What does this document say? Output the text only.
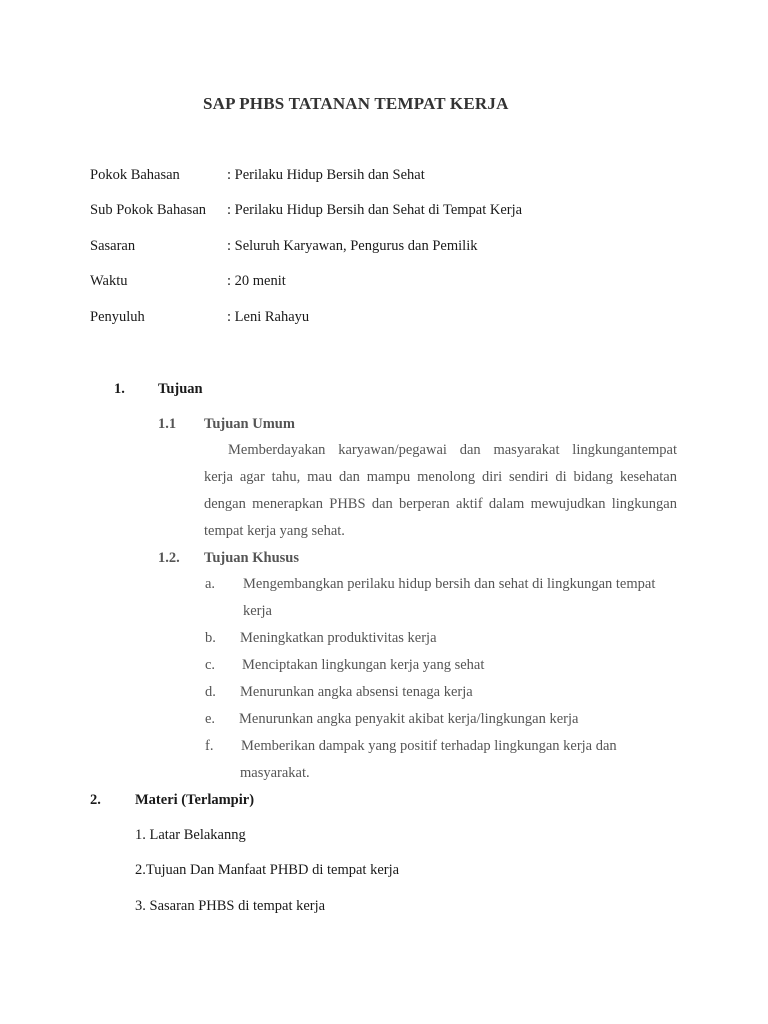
SAP PHBS TATANAN TEMPAT KERJA
Pokok Bahasan	: Perilaku Hidup Bersih dan Sehat
Sub Pokok Bahasan : Perilaku Hidup Bersih dan Sehat di Tempat Kerja
Sasaran	: Seluruh Karyawan, Pengurus dan Pemilik
Waktu	: 20 menit
Penyuluh	: Leni Rahayu
1. Tujuan
1.1 Tujuan Umum
Memberdayakan karyawan/pegawai dan masyarakat lingkungantempat
kerja agar tahu, mau dan mampu menolong diri sendiri di bidang kesehatan
dengan menerapkan PHBS dan berperan aktif dalam mewujudkan lingkungan
tempat kerja yang sehat.
1.2. Tujuan Khusus
a. Mengembangkan perilaku hidup bersih dan sehat di lingkungan tempat
kerja
b. Meningkatkan produktivitas kerja
c. Menciptakan lingkungan kerja yang sehat
d. Menurunkan angka absensi tenaga kerja
e. Menurunkan angka penyakit akibat kerja/lingkungan kerja
f. Memberikan dampak yang positif terhadap lingkungan kerja dan
masyarakat.
2. Materi (Terlampir)
1. Latar Belakanng
2.Tujuan Dan Manfaat PHBD di tempat kerja
3. Sasaran PHBS di tempat kerja
